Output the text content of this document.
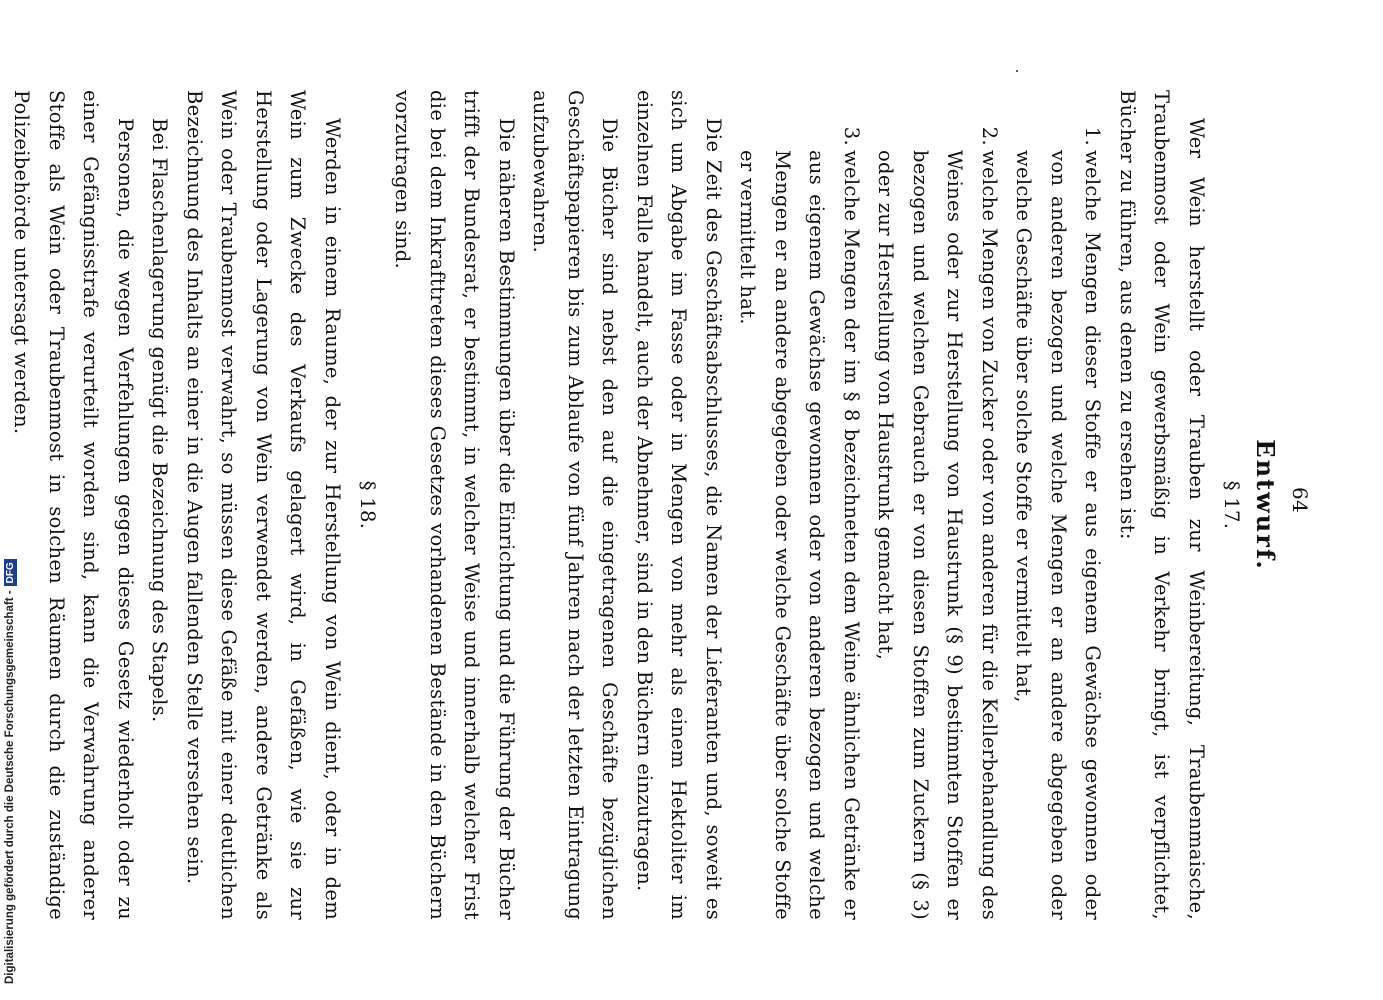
64
Entwurf.

§ 17.

Wer Wein herstellt oder Trauben zur Weinbereitung, Traubenmaische, Traubenmost oder Wein gewerbsmäßig in Verkehr bringt, ist verpflichtet, Bücher zu führen, aus denen zu ersehen ist:

1.welche Mengen dieser Stoffe er aus eigenem Gewächse gewonnen oder von anderen bezogen und welche Mengen er an andere abgegeben oder welche Geschäfte über solche Stoffe er vermittelt hat,
2.welche Mengen von Zucker oder von anderen für die Kellerbehandlung des Weines oder zur Herstellung von Haustrunk (§ 9) bestimmten Stoffen er bezogen und welchen Gebrauch er von diesen Stoffen zum Zuckern (§ 3) oder zur Herstellung von Haustrunk gemacht hat,
3.welche Mengen der im § 8 bezeichneten dem Weine ähnlichen Getränke er aus eigenem Gewächse gewonnen oder von anderen bezogen und welche Mengen er an andere abgegeben oder welche Geschäfte über solche Stoffe er vermittelt hat.

Die Zeit des Geschäftsabschlusses, die Namen der Lieferanten und, soweit es sich um Abgabe im Fasse oder in Mengen von mehr als einem Hektoliter im einzelnen Falle handelt, auch der Abnehmer, sind in den Büchern einzutragen.

Die Bücher sind nebst den auf die eingetragenen Geschäfte bezüglichen Geschäftspapieren bis zum Ablaufe von fünf Jahren nach der letzten Eintragung aufzubewahren.

Die näheren Bestimmungen über die Einrichtung und die Führung der Bücher trifft der Bundesrat, er bestimmt, in welcher Weise und innerhalb welcher Frist die bei dem Inkrafttreten dieses Gesetzes vorhandenen Bestände in den Büchern vorzutragen sind.

§ 18.

Werden in einem Raume, der zur Herstellung von Wein dient, oder in dem Wein zum Zwecke des Verkaufs gelagert wird, in Gefäßen, wie sie zur Herstellung oder Lagerung von Wein verwendet werden, andere Getränke als Wein oder Traubenmost verwahrt, so müssen diese Gefäße mit einer deutlichen Bezeichnung des Inhalts an einer in die Augen fallenden Stelle versehen sein.

Bei Flaschenlagerung genügt die Bezeichnung des Stapels.

Personen, die wegen Verfehlungen gegen dieses Gesetz wiederholt oder zu einer Gefängnisstrafe verurteilt worden sind, kann die Verwahrung anderer Stoffe als Wein oder Traubenmost in solchen Räumen durch die zuständige Polizeibehörde untersagt werden.

Digitalisierung gefördert durch die Deutsche Forschungsgemeinschaft -DFG
